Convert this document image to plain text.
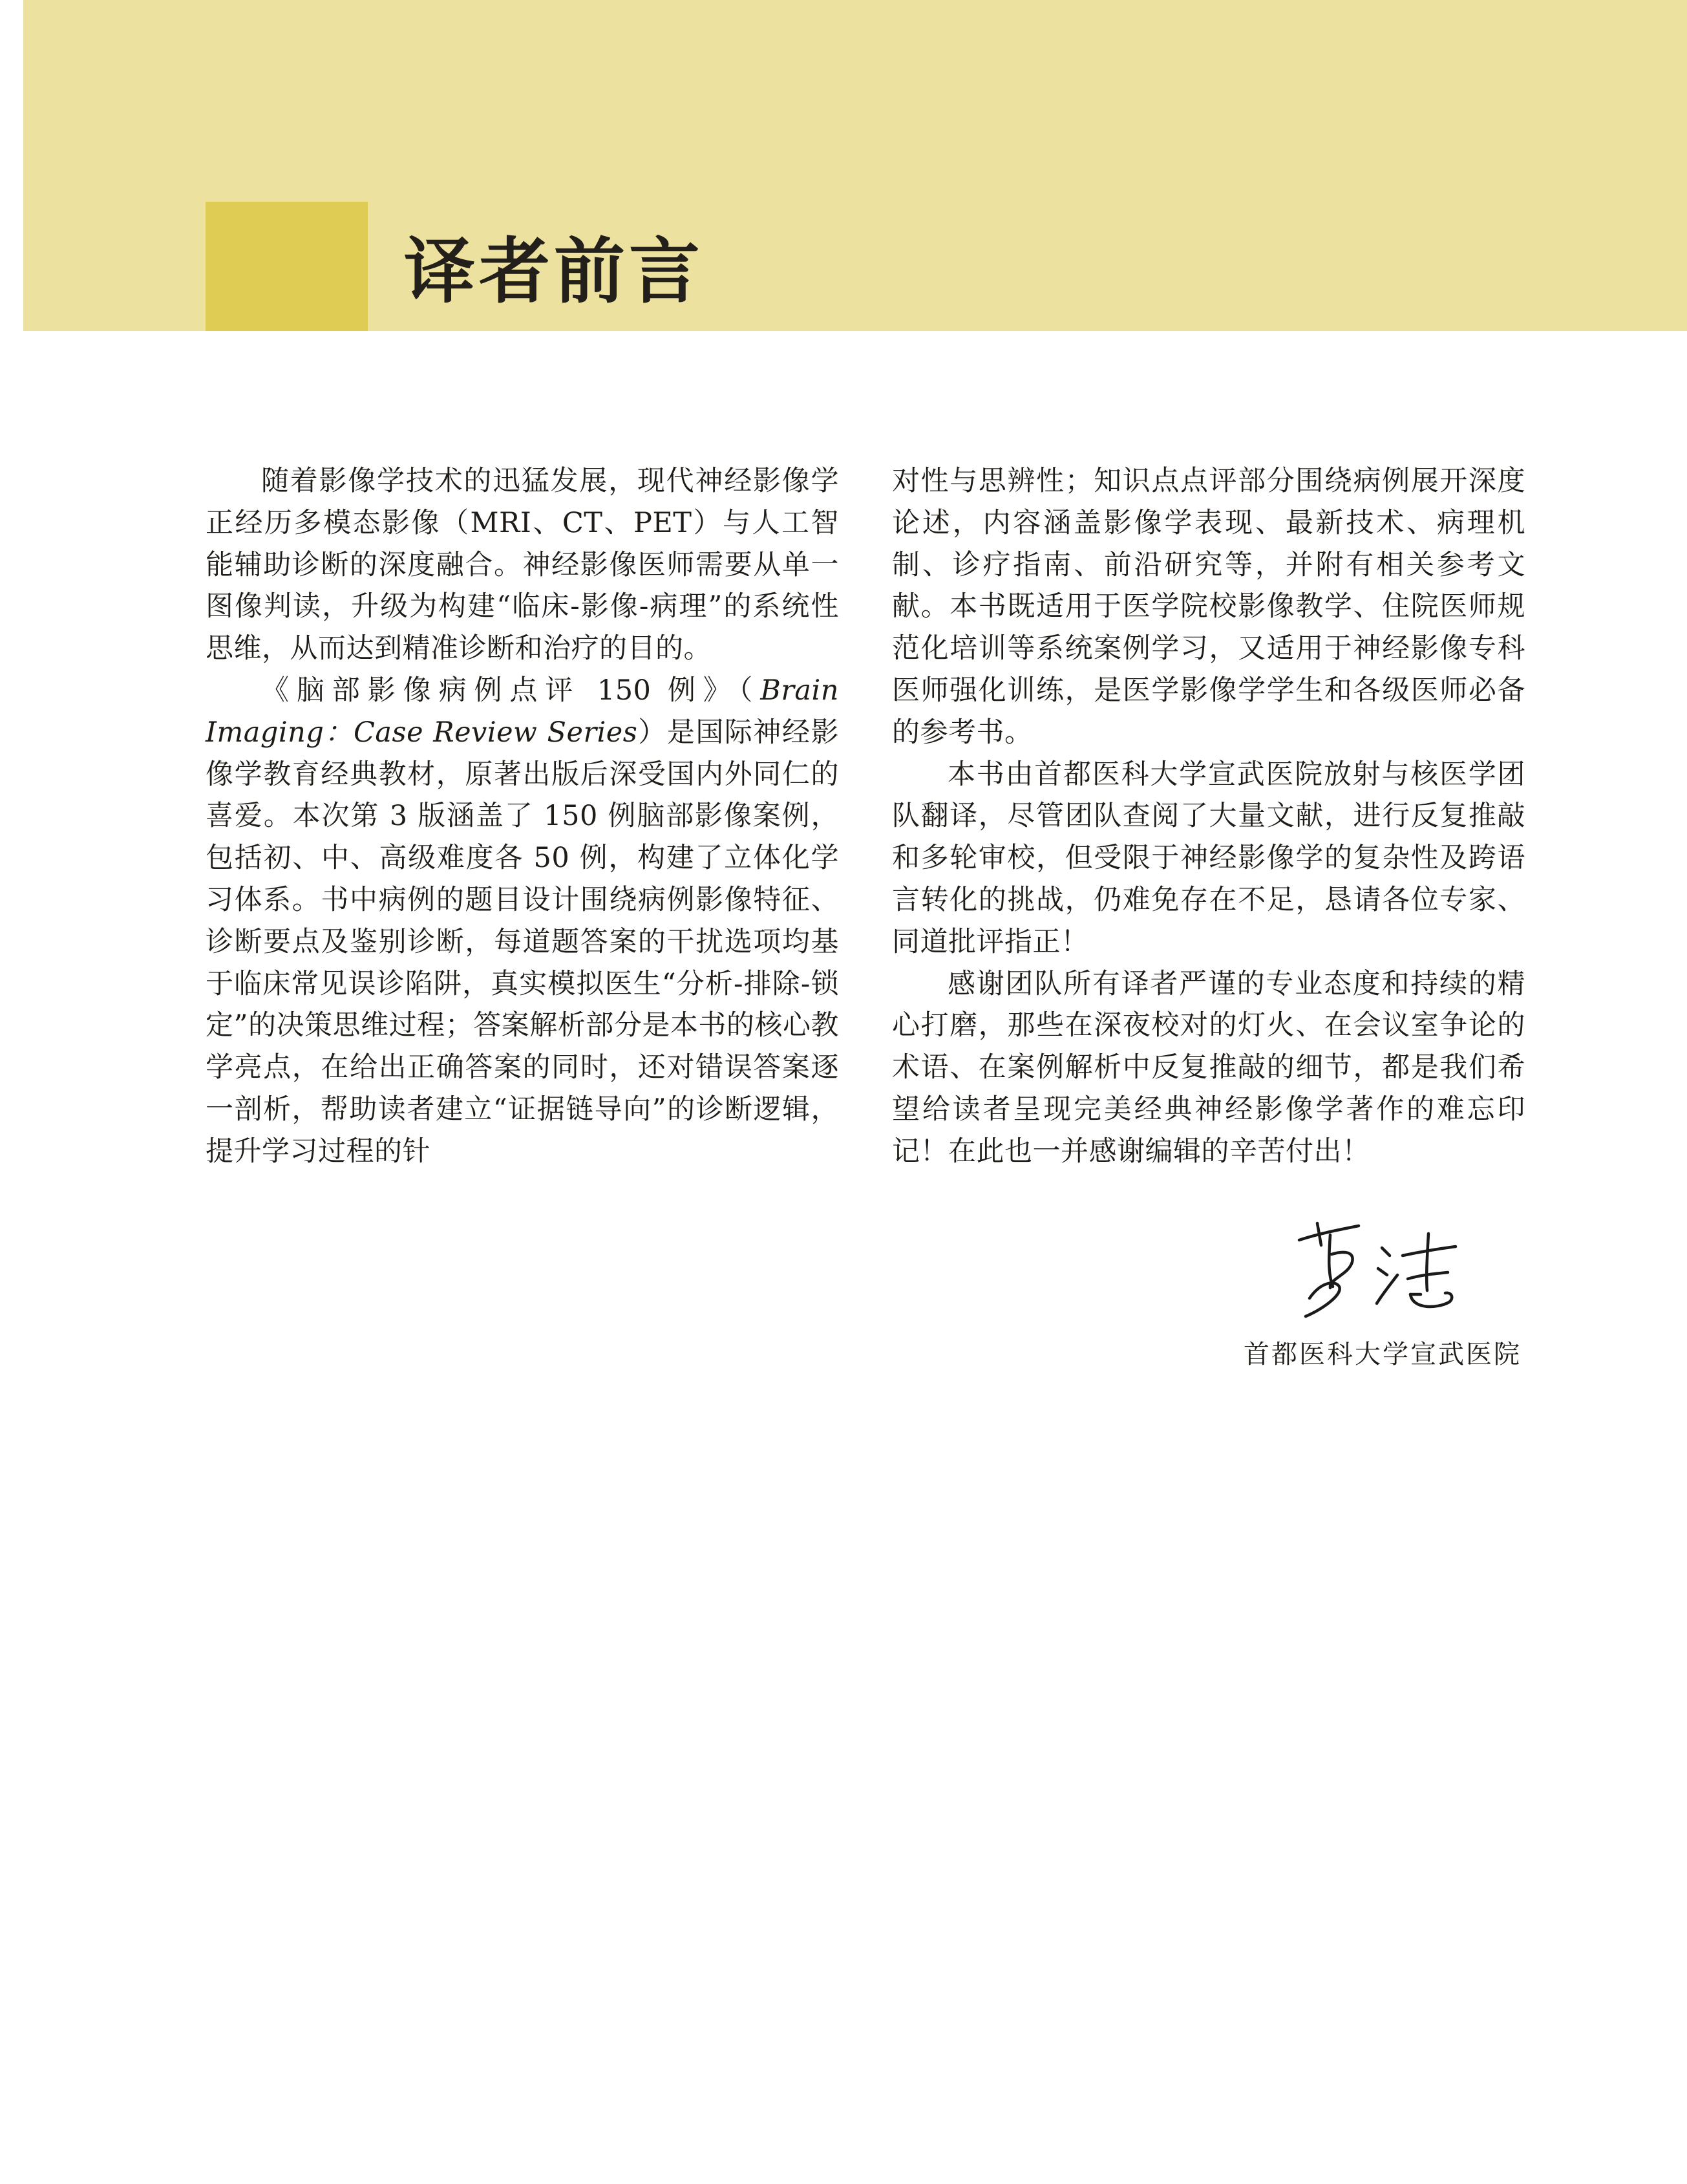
译者前言

随着影像学技术的迅猛发展，现代神经影像学正经历多模态影像（MRI、CT、PET）与人工智能辅助诊断的深度融合。神经影像医师需要从单一图像判读，升级为构建“临床-影像-病理”的系统性思维，从而达到精准诊断和治疗的目的。

《脑部影像病例点评 150 例》（Brain Imaging：Case Review Series）是国际神经影像学教育经典教材，原著出版后深受国内外同仁的喜爱。本次第 3 版涵盖了 150 例脑部影像案例，包括初、中、高级难度各 50 例，构建了立体化学习体系。书中病例的题目设计围绕病例影像特征、诊断要点及鉴别诊断，每道题答案的干扰选项均基于临床常见误诊陷阱，真实模拟医生“分析-排除-锁定”的决策思维过程；答案解析部分是本书的核心教学亮点，在给出正确答案的同时，还对错误答案逐一剖析，帮助读者建立“证据链导向”的诊断逻辑，提升学习过程的针

对性与思辨性；知识点点评部分围绕病例展开深度论述，内容涵盖影像学表现、最新技术、病理机制、诊疗指南、前沿研究等，并附有相关参考文献。本书既适用于医学院校影像教学、住院医师规范化培训等系统案例学习，又适用于神经影像专科医师强化训练，是医学影像学学生和各级医师必备的参考书。

本书由首都医科大学宣武医院放射与核医学团队翻译，尽管团队查阅了大量文献，进行反复推敲和多轮审校，但受限于神经影像学的复杂性及跨语言转化的挑战，仍难免存在不足，恳请各位专家、同道批评指正！

感谢团队所有译者严谨的专业态度和持续的精心打磨，那些在深夜校对的灯火、在会议室争论的术语、在案例解析中反复推敲的细节，都是我们希望给读者呈现完美经典神经影像学著作的难忘印记！在此也一并感谢编辑的辛苦付出！

首都医科大学宣武医院
